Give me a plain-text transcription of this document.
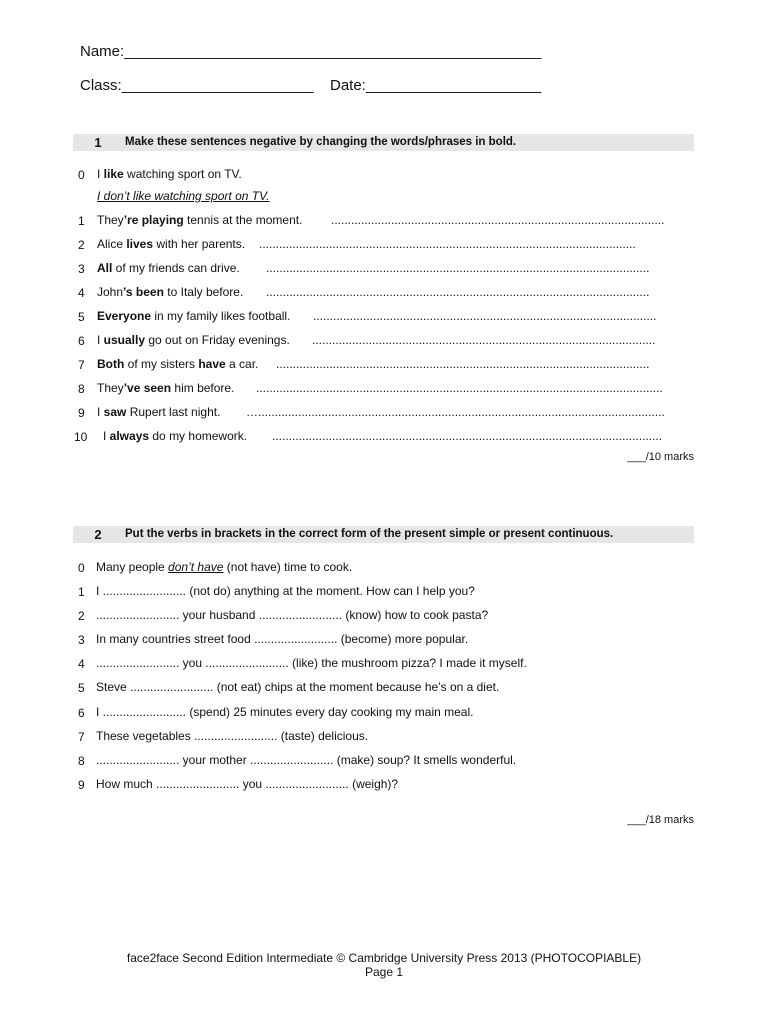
Name:__________________________________________________
Class:_______________________ Date:_____________________
1	Make these sentences negative by changing the words/phrases in bold.
0 I like watching sport on TV.
I don’t like watching sport on TV.
1 They’re playing tennis at the moment. ....................................................................................................
2 Alice lives with her parents. .................................................................................................................
3 All of my friends can drive. ...................................................................................................................
4 John’s been to Italy before. ...................................................................................................................
5 Everyone in my family likes football. .......................................................................................................
6 I usually go out on Friday evenings. .......................................................................................................
7 Both of my sisters have a car. ................................................................................................................
8 They’ve seen him before. ..........................................................................................................................
9 I saw Rupert last night. …..........................................................................................................................
10 I always do my homework. .....................................................................................................................
___/10 marks
2	Put the verbs in brackets in the correct form of the present simple or present continuous.
0 Many people don’t have (not have) time to cook.
1 I ......................... (not do) anything at the moment. How can I help you?
2 ......................... your husband ......................... (know) how to cook pasta?
3 In many countries street food ......................... (become) more popular.
4 ......................... you ......................... (like) the mushroom pizza? I made it myself.
5 Steve ......................... (not eat) chips at the moment because he’s on a diet.
6 I ......................... (spend) 25 minutes every day cooking my main meal.
7 These vegetables ......................... (taste) delicious.
8 ......................... your mother ......................... (make) soup? It smells wonderful.
9 How much ......................... you ......................... (weigh)?
___/18 marks
face2face Second Edition Intermediate © Cambridge University Press 2013 (PHOTOCOPIABLE)
Page 1
